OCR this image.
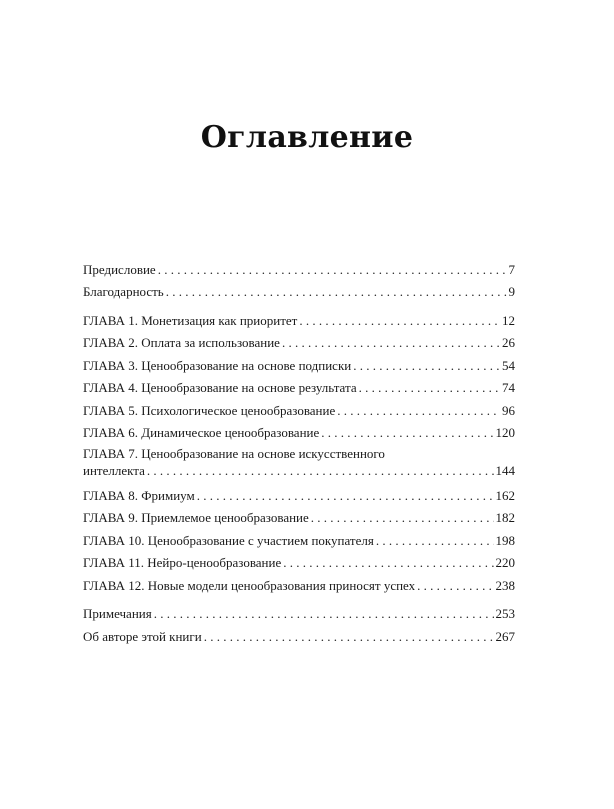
Оглавление
Предисловие . . .	7
Благодарность . . .	9
ГЛАВА 1. Монетизация как приоритет . . .	12
ГЛАВА 2. Оплата за использование . . .	26
ГЛАВА 3. Ценообразование на основе подписки . . .	54
ГЛАВА 4. Ценообразование на основе результата . . .	74
ГЛАВА 5. Психологическое ценообразование . . .	96
ГЛАВА 6. Динамическое ценообразование . . .	120
ГЛАВА 7. Ценообразование на основе искусственного
интеллекта . . .	144
ГЛАВА 8. Фримиум . . .	162
ГЛАВА 9. Приемлемое ценообразование . . .	182
ГЛАВА 10. Ценообразование с участием покупателя . . .	198
ГЛАВА 11. Нейро-ценообразование . . .	220
ГЛАВА 12. Новые модели ценообразования приносят успех . . .	238
Примечания . . .	253
Об авторе этой книги . . .	267
